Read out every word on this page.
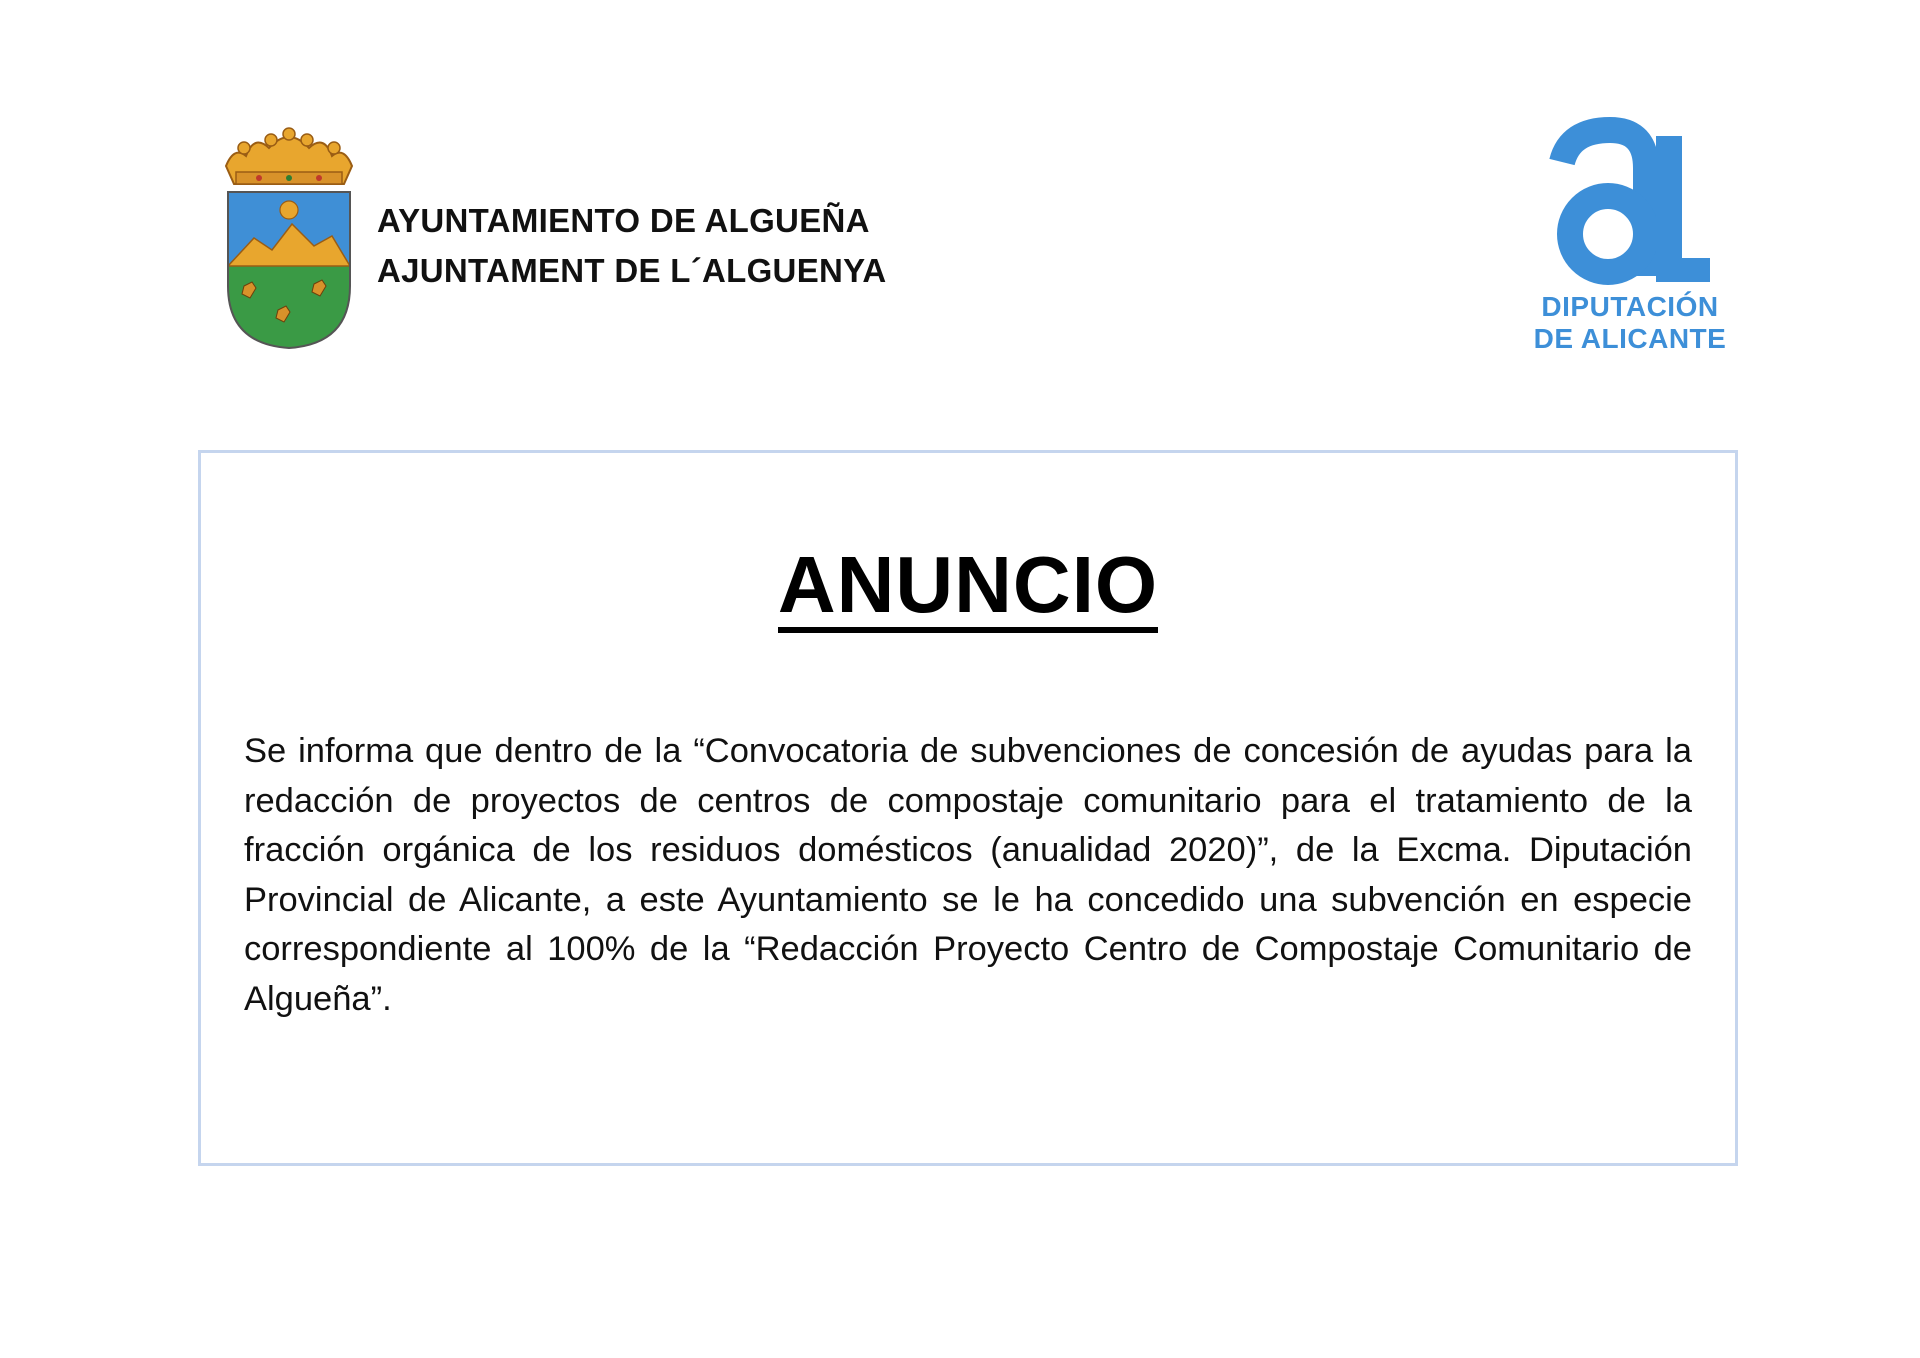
AYUNTAMIENTO DE ALGUEÑA
AJUNTAMENT DE L´ALGUENYA
DIPUTACIÓN
DE ALICANTE
ANUNCIO

Se informa que dentro de la “Convocatoria de subvenciones de concesión de ayudas para la redacción de proyectos de centros de compostaje comunitario para el tratamiento de la fracción orgánica de los residuos domésticos (anualidad 2020)”, de la Excma. Diputación Provincial de Alicante, a este Ayuntamiento se le ha concedido una subvención en especie correspondiente al 100% de la “Redacción Proyecto Centro de Compostaje Comunitario de Algueña”.
